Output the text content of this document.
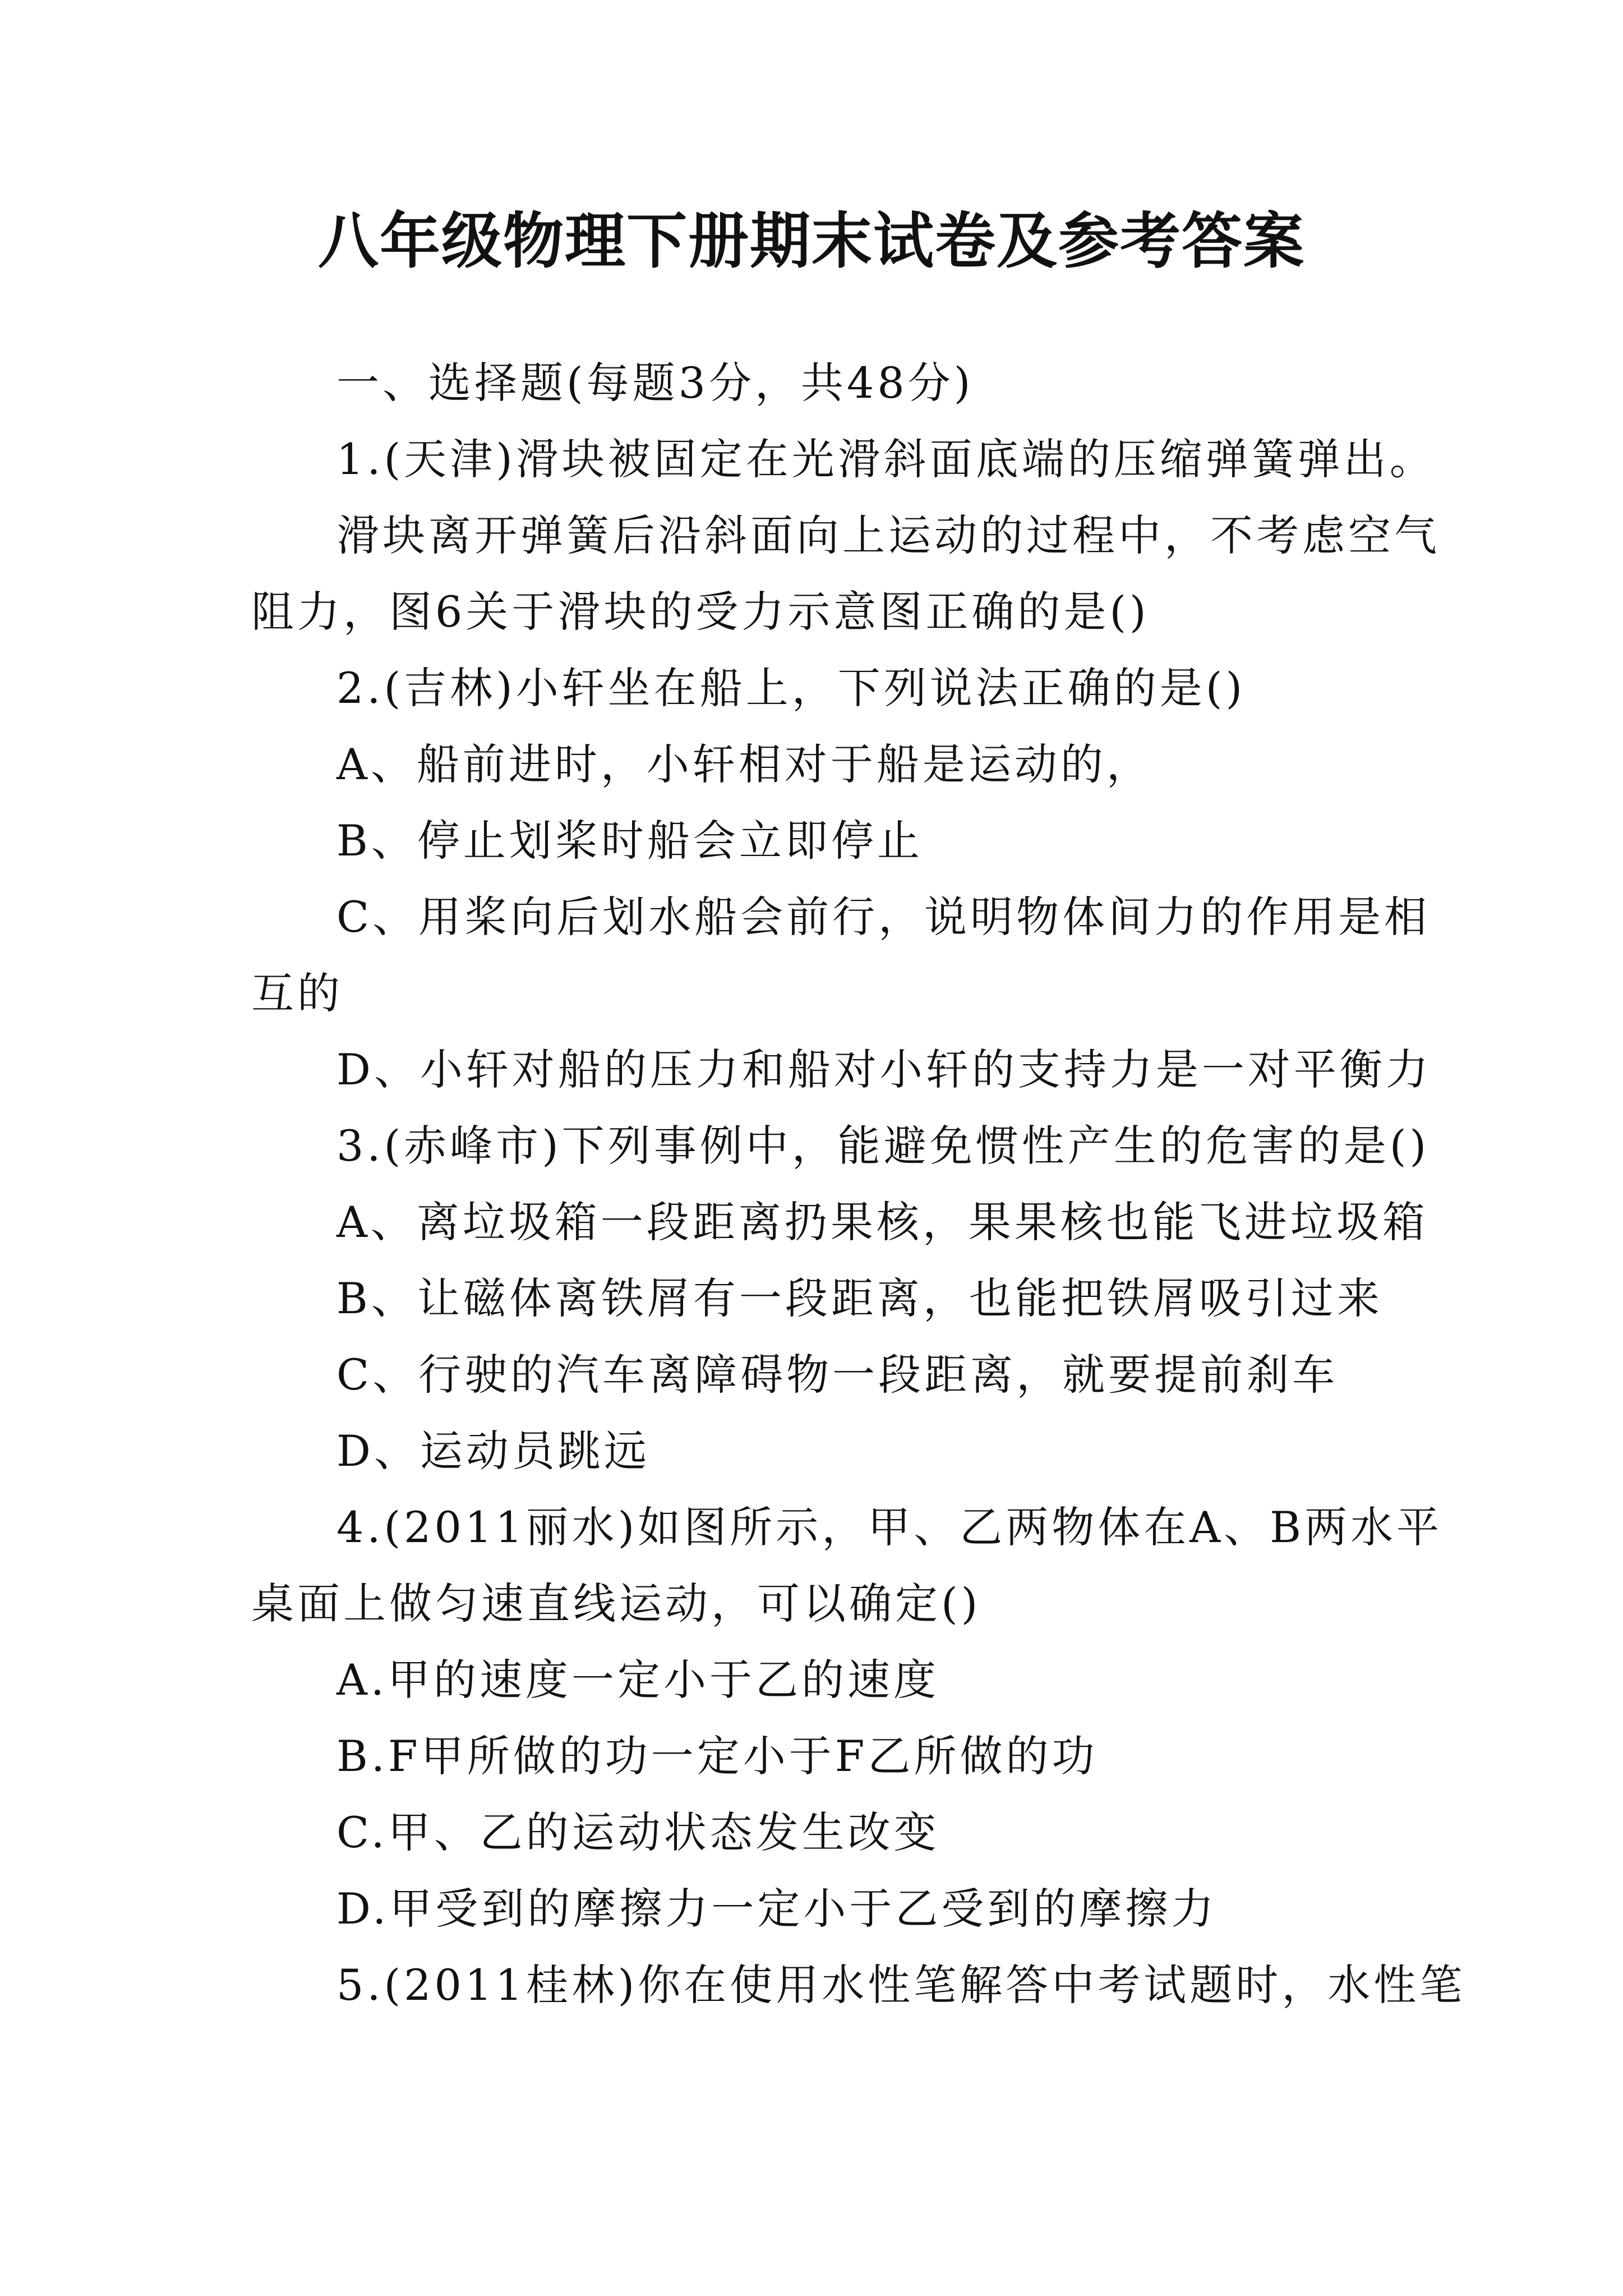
八年级物理下册期末试卷及参考答案
一、选择题(每题3分，共48分)
1.(天津)滑块被固定在光滑斜面底端的压缩弹簧弹出。
滑块离开弹簧后沿斜面向上运动的过程中，不考虑空气
阻力，图6关于滑块的受力示意图正确的是()
2.(吉林)小轩坐在船上，下列说法正确的是()
A、船前进时，小轩相对于船是运动的，
B、停止划桨时船会立即停止
C、用桨向后划水船会前行，说明物体间力的作用是相
互的
D、小轩对船的压力和船对小轩的支持力是一对平衡力
3.(赤峰市)下列事例中，能避免惯性产生的危害的是()
A、离垃圾箱一段距离扔果核，果果核也能飞进垃圾箱
B、让磁体离铁屑有一段距离，也能把铁屑吸引过来
C、行驶的汽车离障碍物一段距离，就要提前刹车
D、运动员跳远
4.(2011丽水)如图所示，甲、乙两物体在A、B两水平
桌面上做匀速直线运动，可以确定()
A.甲的速度一定小于乙的速度
B.F甲所做的功一定小于F乙所做的功
C.甲、乙的运动状态发生改变
D.甲受到的摩擦力一定小于乙受到的摩擦力
5.(2011桂林)你在使用水性笔解答中考试题时，水性笔
